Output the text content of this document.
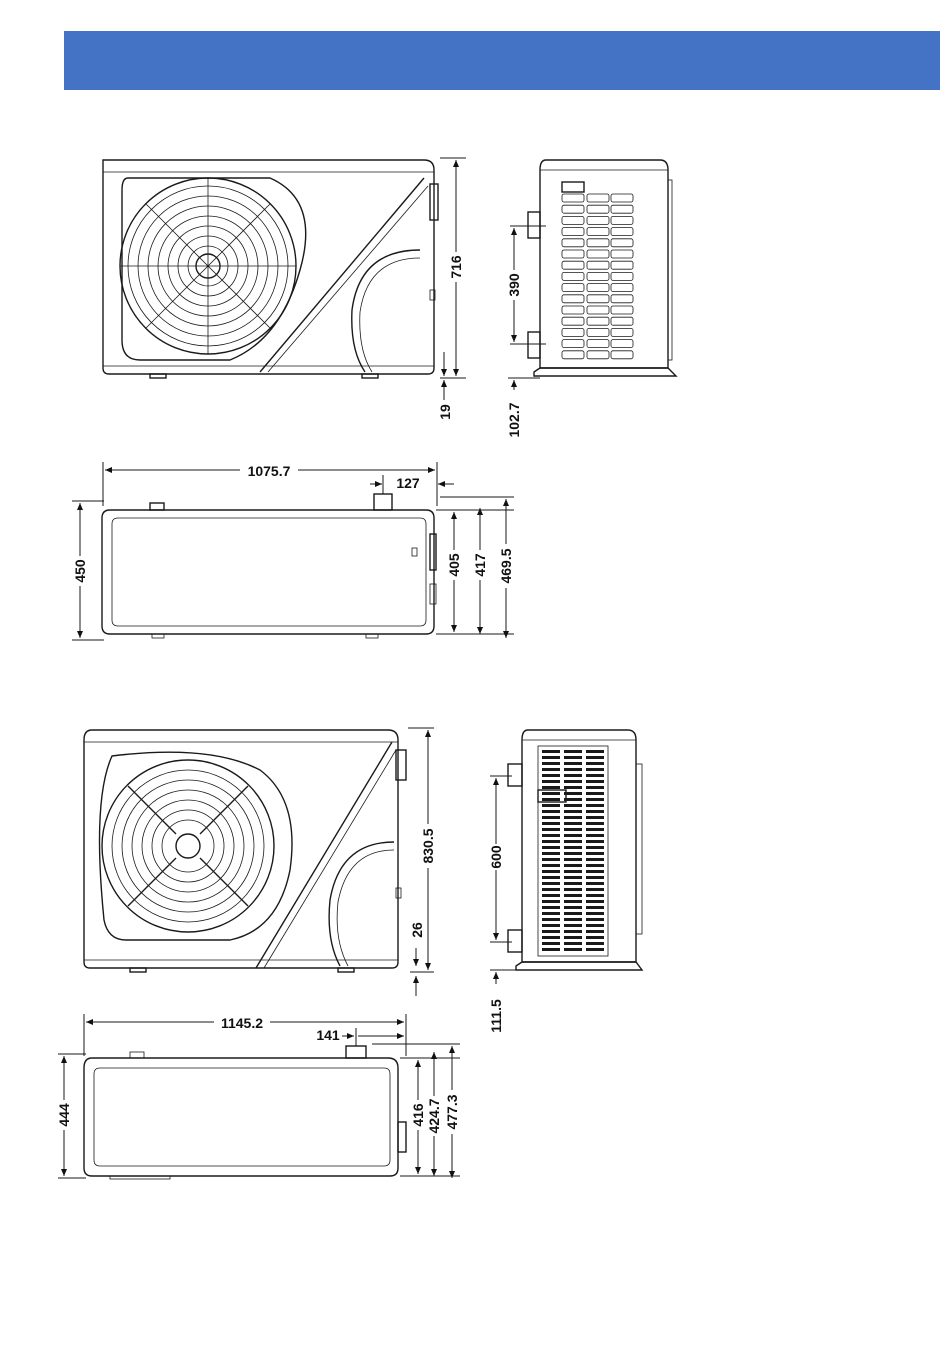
716
19
390
102.7
1075.7
127
450	405 417 469.5
830.5
26
600
111.5
1145.2
141
444	416 424.7 477.3
